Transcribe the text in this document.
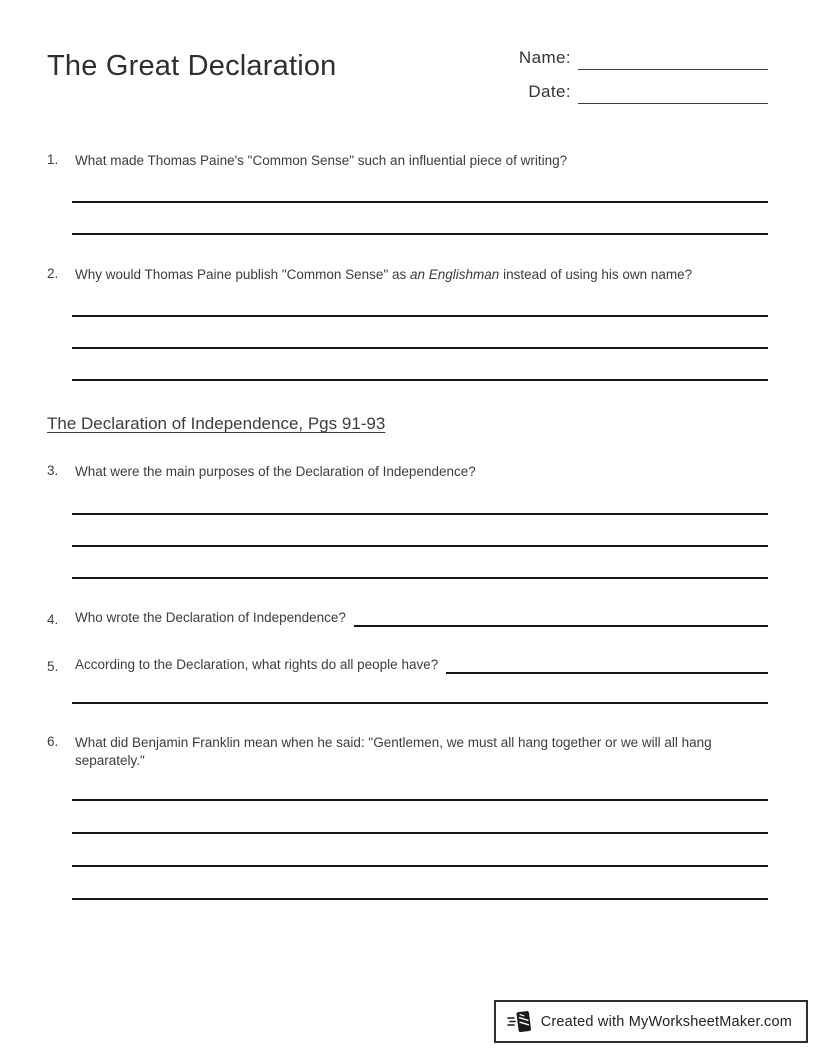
The Great Declaration	Name:
Date:
1.	What made Thomas Paine's "Common Sense" such an influential piece of writing?
2.	Why would Thomas Paine publish "Common Sense" as an Englishman instead of using his own name?
The Declaration of Independence, Pgs 91-93
3.	What were the main purposes of the Declaration of Independence?
4.	Who wrote the Declaration of Independence?
5.	According to the Declaration, what rights do all people have?
6.	What did Benjamin Franklin mean when he said: "Gentlemen, we must all hang together or we will all hang separately."
Created with MyWorksheetMaker.com
